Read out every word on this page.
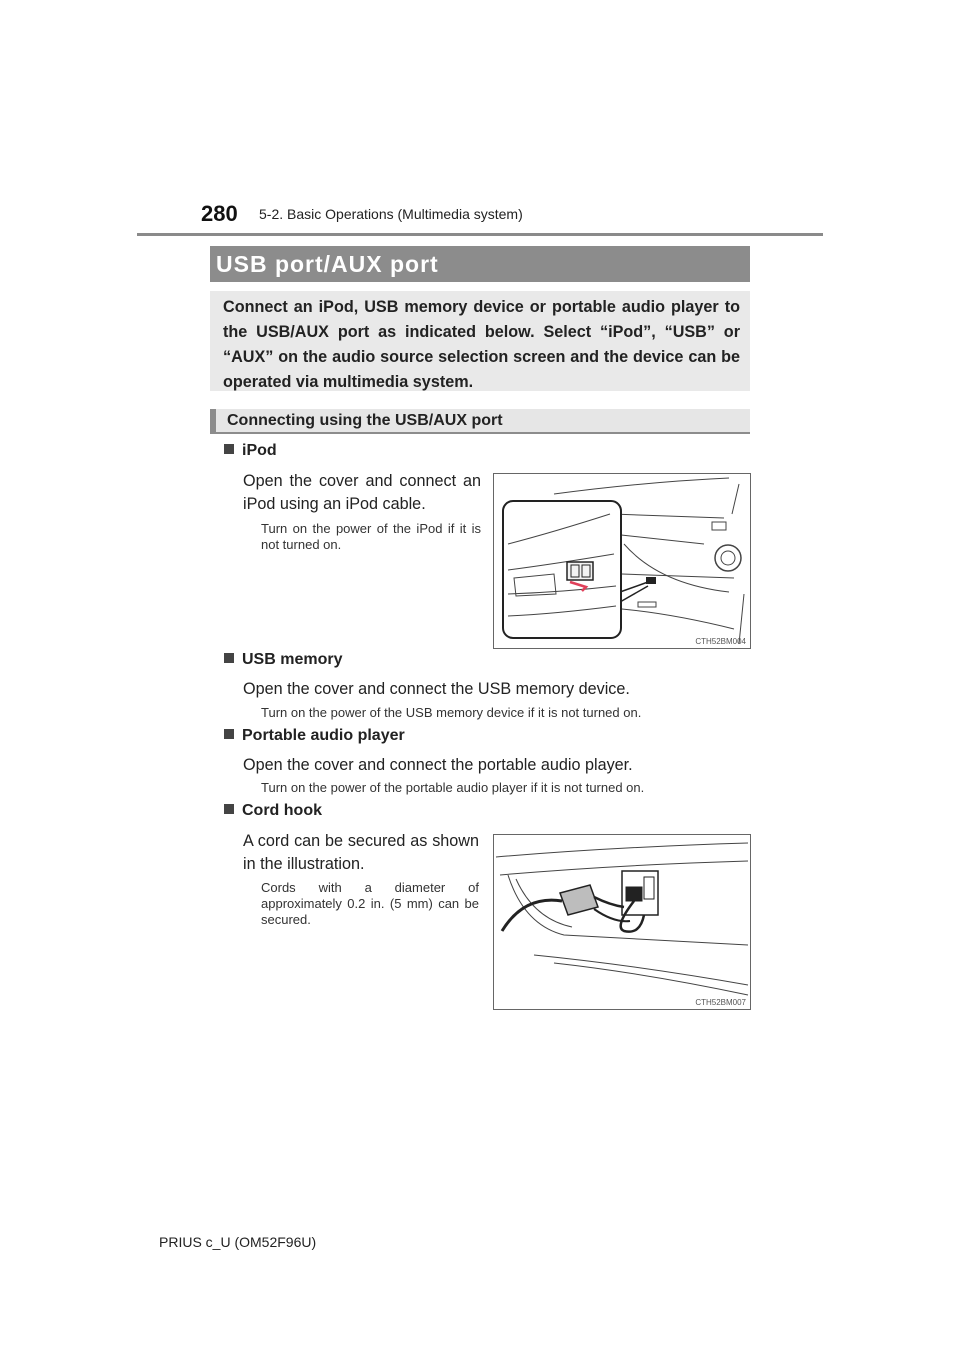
280 5-2. Basic Operations (Multimedia system)
USB port/AUX port
Connect an iPod, USB memory device or portable audio player to the USB/AUX port as indicated below. Select “iPod”, “USB” or “AUX” on the audio source selection screen and the device can be operated via multimedia system.
Connecting using the USB/AUX port
iPod
Open the cover and connect an iPod using an iPod cable.
Turn on the power of the iPod if it is not turned on.
CTH52BM004
USB memory
Open the cover and connect the USB memory device.
Turn on the power of the USB memory device if it is not turned on.
Portable audio player
Open the cover and connect the portable audio player.
Turn on the power of the portable audio player if it is not turned on.
Cord hook
A cord can be secured as shown in the illustration.
Cords with a diameter of approximately 0.2 in. (5 mm) can be secured.
CTH52BM007
PRIUS c_U (OM52F96U)
